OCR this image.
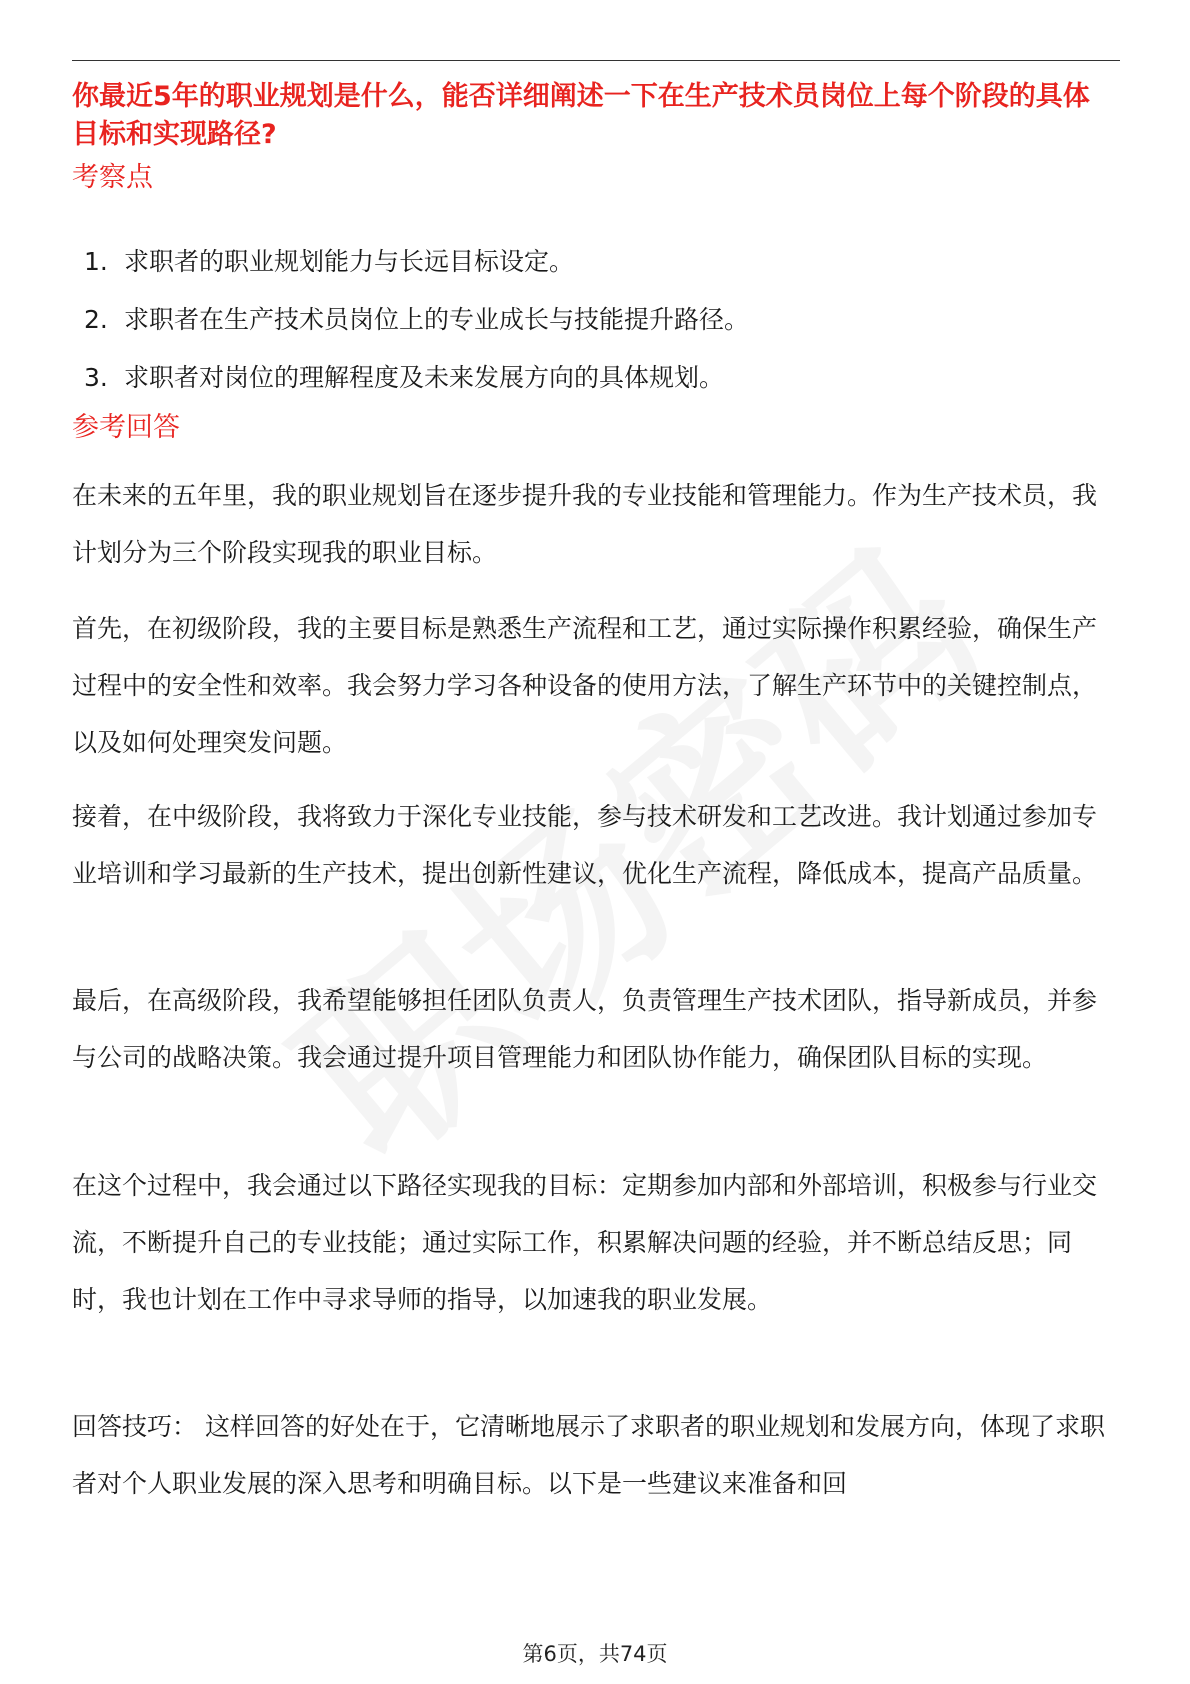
你最近5年的职业规划是什么，能否详细阐述一下在生产技术员岗位上每个阶段的具体目标和实现路径?
考察点
1. 求职者的职业规划能力与长远目标设定。
2. 求职者在生产技术员岗位上的专业成长与技能提升路径。
3. 求职者对岗位的理解程度及未来发展方向的具体规划。
参考回答

在未来的五年里，我的职业规划旨在逐步提升我的专业技能和管理能力。作为生产技术员，我计划分为三个阶段实现我的职业目标。

首先，在初级阶段，我的主要目标是熟悉生产流程和工艺，通过实际操作积累经验，确保生产过程中的安全性和效率。我会努力学习各种设备的使用方法，了解生产环节中的关键控制点，以及如何处理突发问题。

接着，在中级阶段，我将致力于深化专业技能，参与技术研发和工艺改进。我计划通过参加专业培训和学习最新的生产技术，提出创新性建议，优化生产流程，降低成本，提高产品质量。

最后，在高级阶段，我希望能够担任团队负责人，负责管理生产技术团队，指导新成员，并参与公司的战略决策。我会通过提升项目管理能力和团队协作能力，确保团队目标的实现。

在这个过程中，我会通过以下路径实现我的目标：定期参加内部和外部培训，积极参与行业交流，不断提升自己的专业技能；通过实际工作，积累解决问题的经验，并不断总结反思；同时，我也计划在工作中寻求导师的指导，以加速我的职业发展。

回答技巧： 这样回答的好处在于，它清晰地展示了求职者的职业规划和发展方向，体现了求职者对个人职业发展的深入思考和明确目标。以下是一些建议来准备和回

第6页，共74页
